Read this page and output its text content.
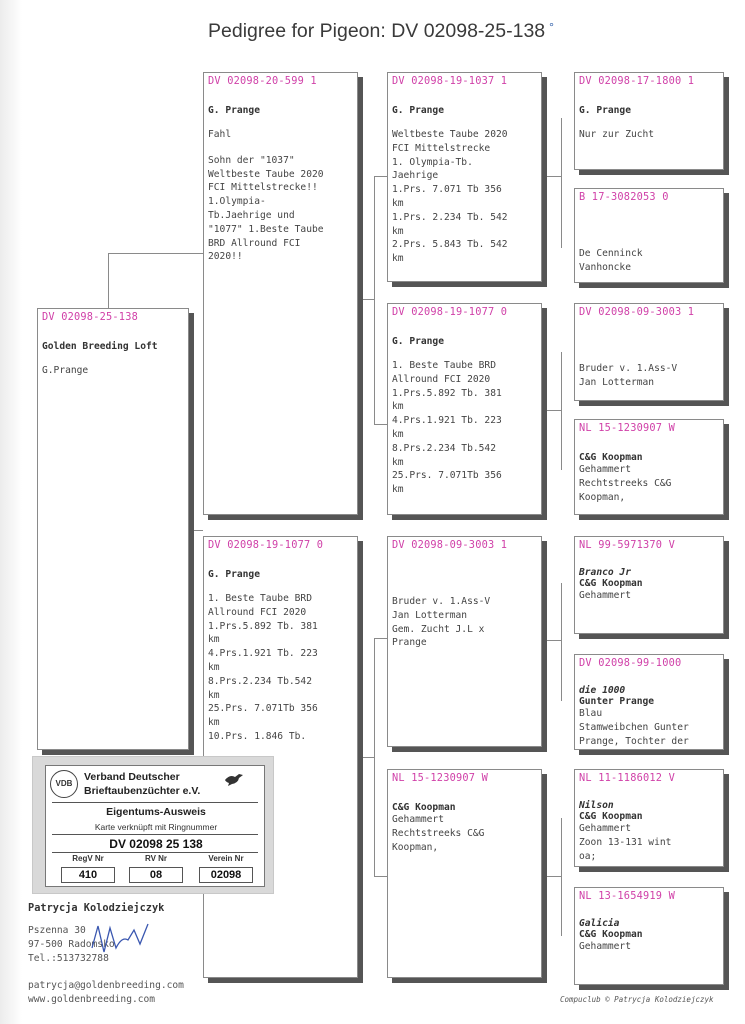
Pedigree for Pigeon: DV 02098-25-138 °
DV 02098-25-138
Golden Breeding Loft
G.Prange
DV 02098-20-599 1
G. Prange
Fahl
Sohn der "1037"
Weltbeste Taube 2020
FCI Mittelstrecke!!
1.Olympia-
Tb.Jaehrige und
"1077" 1.Beste Taube
BRD Allround FCI
2020!!
DV 02098-19-1077 0
G. Prange
1. Beste Taube BRD
Allround FCI 2020
1.Prs.5.892 Tb. 381
km
4.Prs.1.921 Tb. 223
km
8.Prs.2.234 Tb.542
km
25.Prs. 7.071Tb 356
km
10.Prs. 1.846 Tb.

DV 02098-19-1037 1
G. Prange
Weltbeste Taube 2020
FCI Mittelstrecke
1. Olympia-Tb.
Jaehrige
1.Prs. 7.071 Tb 356
km
1.Prs. 2.234 Tb. 542
km
2.Prs. 5.843 Tb. 542
km
DV 02098-19-1077 0
G. Prange
1. Beste Taube BRD
Allround FCI 2020
1.Prs.5.892 Tb. 381
km
4.Prs.1.921 Tb. 223
km
8.Prs.2.234 Tb.542
km
25.Prs. 7.071Tb 356
km
DV 02098-09-3003 1
Bruder v. 1.Ass-V
Jan Lotterman
Gem. Zucht J.L x
Prange
NL 15-1230907 W
C&G Koopman
Gehammert
Rechtstreeks C&G
Koopman,
DV 02098-17-1800 1
G. Prange
Nur zur Zucht
B 17-3082053 0
De Cenninck
Vanhoncke
DV 02098-09-3003 1
Bruder v. 1.Ass-V
Jan Lotterman
NL 15-1230907 W
C&G Koopman
Gehammert
Rechtstreeks C&G
Koopman,
NL 99-5971370 V
Branco Jr
C&G Koopman
Gehammert
DV 02098-99-1000
die 1000
Gunter Prange
Blau
Stamweibchen Gunter
Prange, Tochter der
NL 11-1186012 V
Nilson
C&G Koopman
Gehammert
Zoon 13-131 wint
oa;
NL 13-1654919 W
Galicia
C&G Koopman
Gehammert
VDB
Verband Deutscher
Brieftaubenzüchter e.V.
Eigentums-Ausweis
Karte verknüpft mit Ringnummer
DV 02098 25 138
RegV Nr	RV Nr	Verein Nr
410	08	02098
Patrycja Kolodziejczyk
Pszenna 30
97-500 Radomsko
Tel.:513732788
patrycja@goldenbreeding.com
www.goldenbreeding.com	Compuclub © Patrycja Kolodziejczyk
